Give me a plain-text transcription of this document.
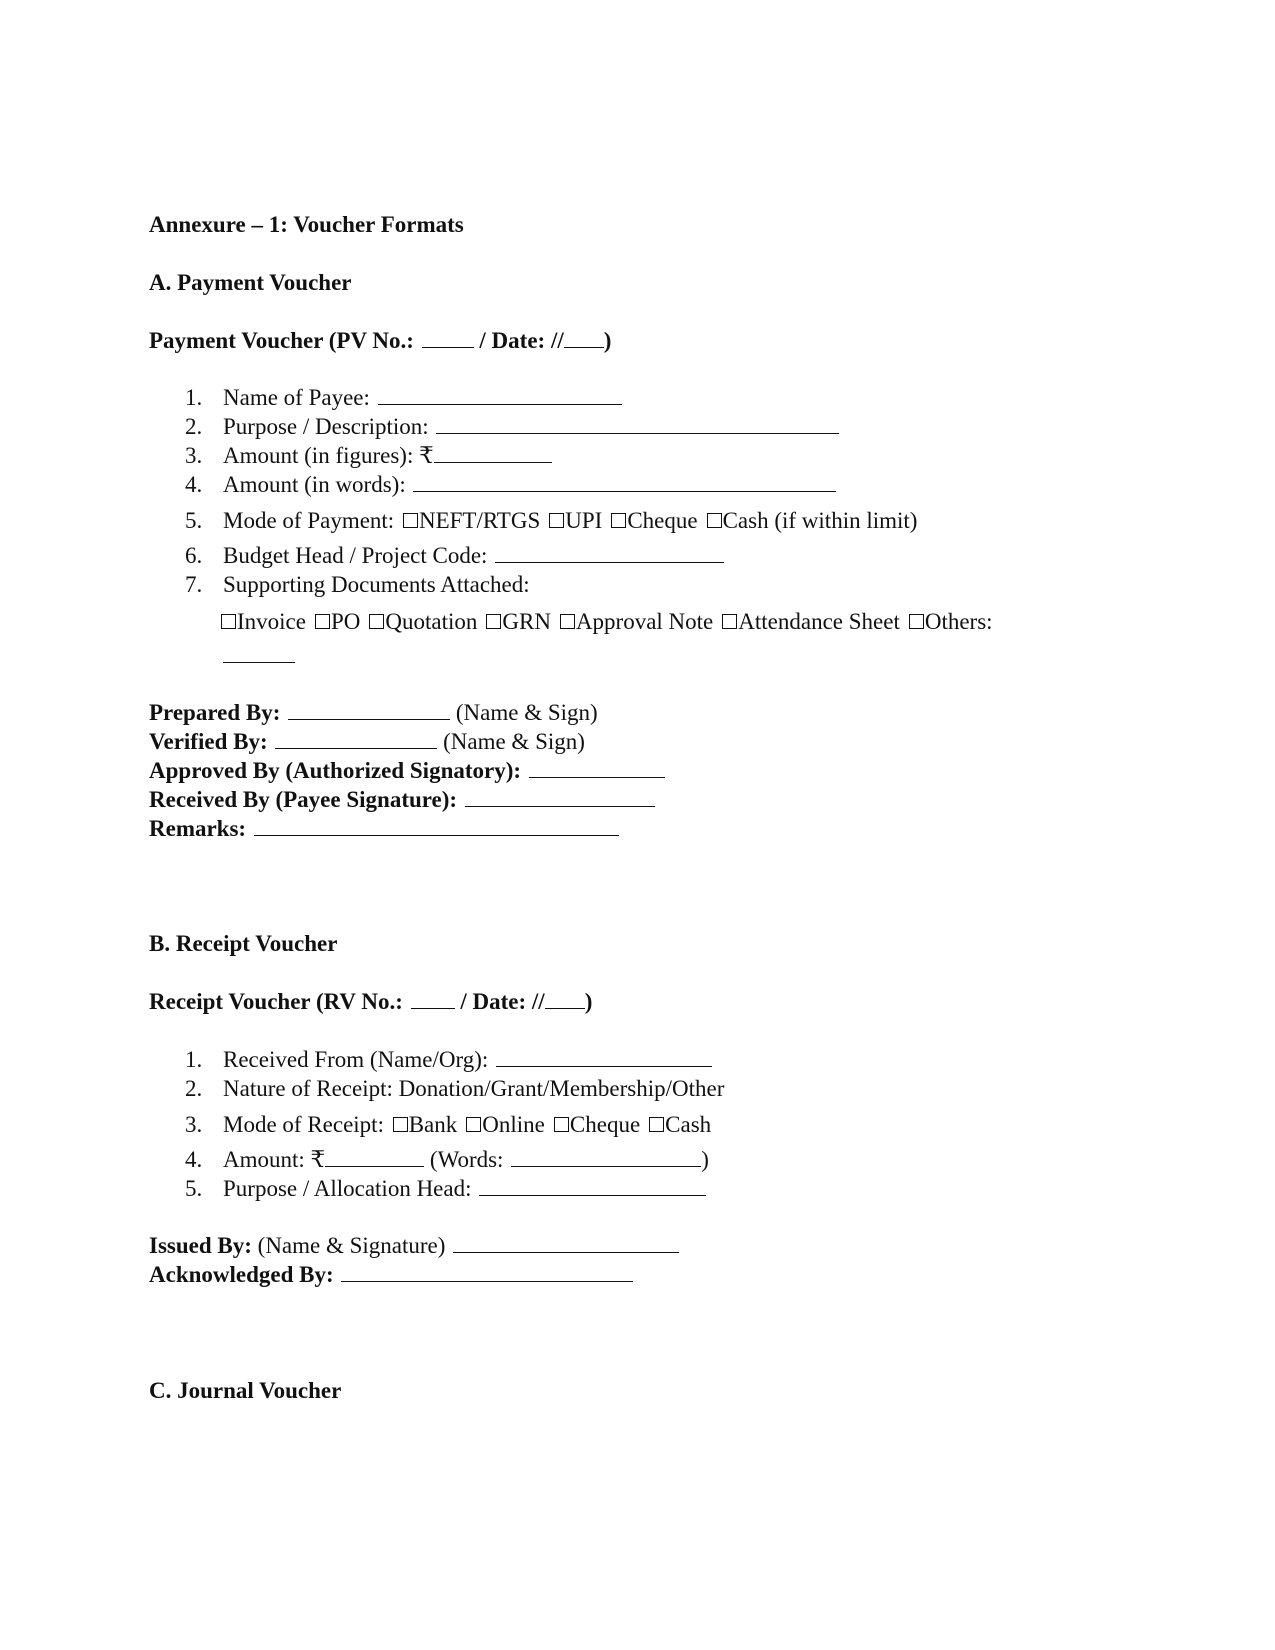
Annexure – 1: Voucher Formats
A. Payment Voucher
Payment Voucher (PV No.:	/ Date: // )
1. Name of Payee:
2. Purpose / Description:
3. Amount (in figures): ₹
4. Amount (in words):
5. Mode of Payment: NEFT/RTGS UPI Cheque Cash (if within limit)
6. Budget Head / Project Code:
7. Supporting Documents Attached:
Invoice PO Quotation GRN Approval Note Attendance Sheet Others:
Prepared By:	(Name & Sign)
Verified By:	(Name & Sign)
Approved By (Authorized Signatory):
Received By (Payee Signature):
Remarks:
B. Receipt Voucher
Receipt Voucher (RV No.:	/ Date: // )
1. Received From (Name/Org):
2. Nature of Receipt: Donation/Grant/Membership/Other
3. Mode of Receipt: Bank Online Cheque Cash
4. Amount: ₹	(Words:	)
5. Purpose / Allocation Head:
Issued By: (Name & Signature)
Acknowledged By:
C. Journal Voucher
